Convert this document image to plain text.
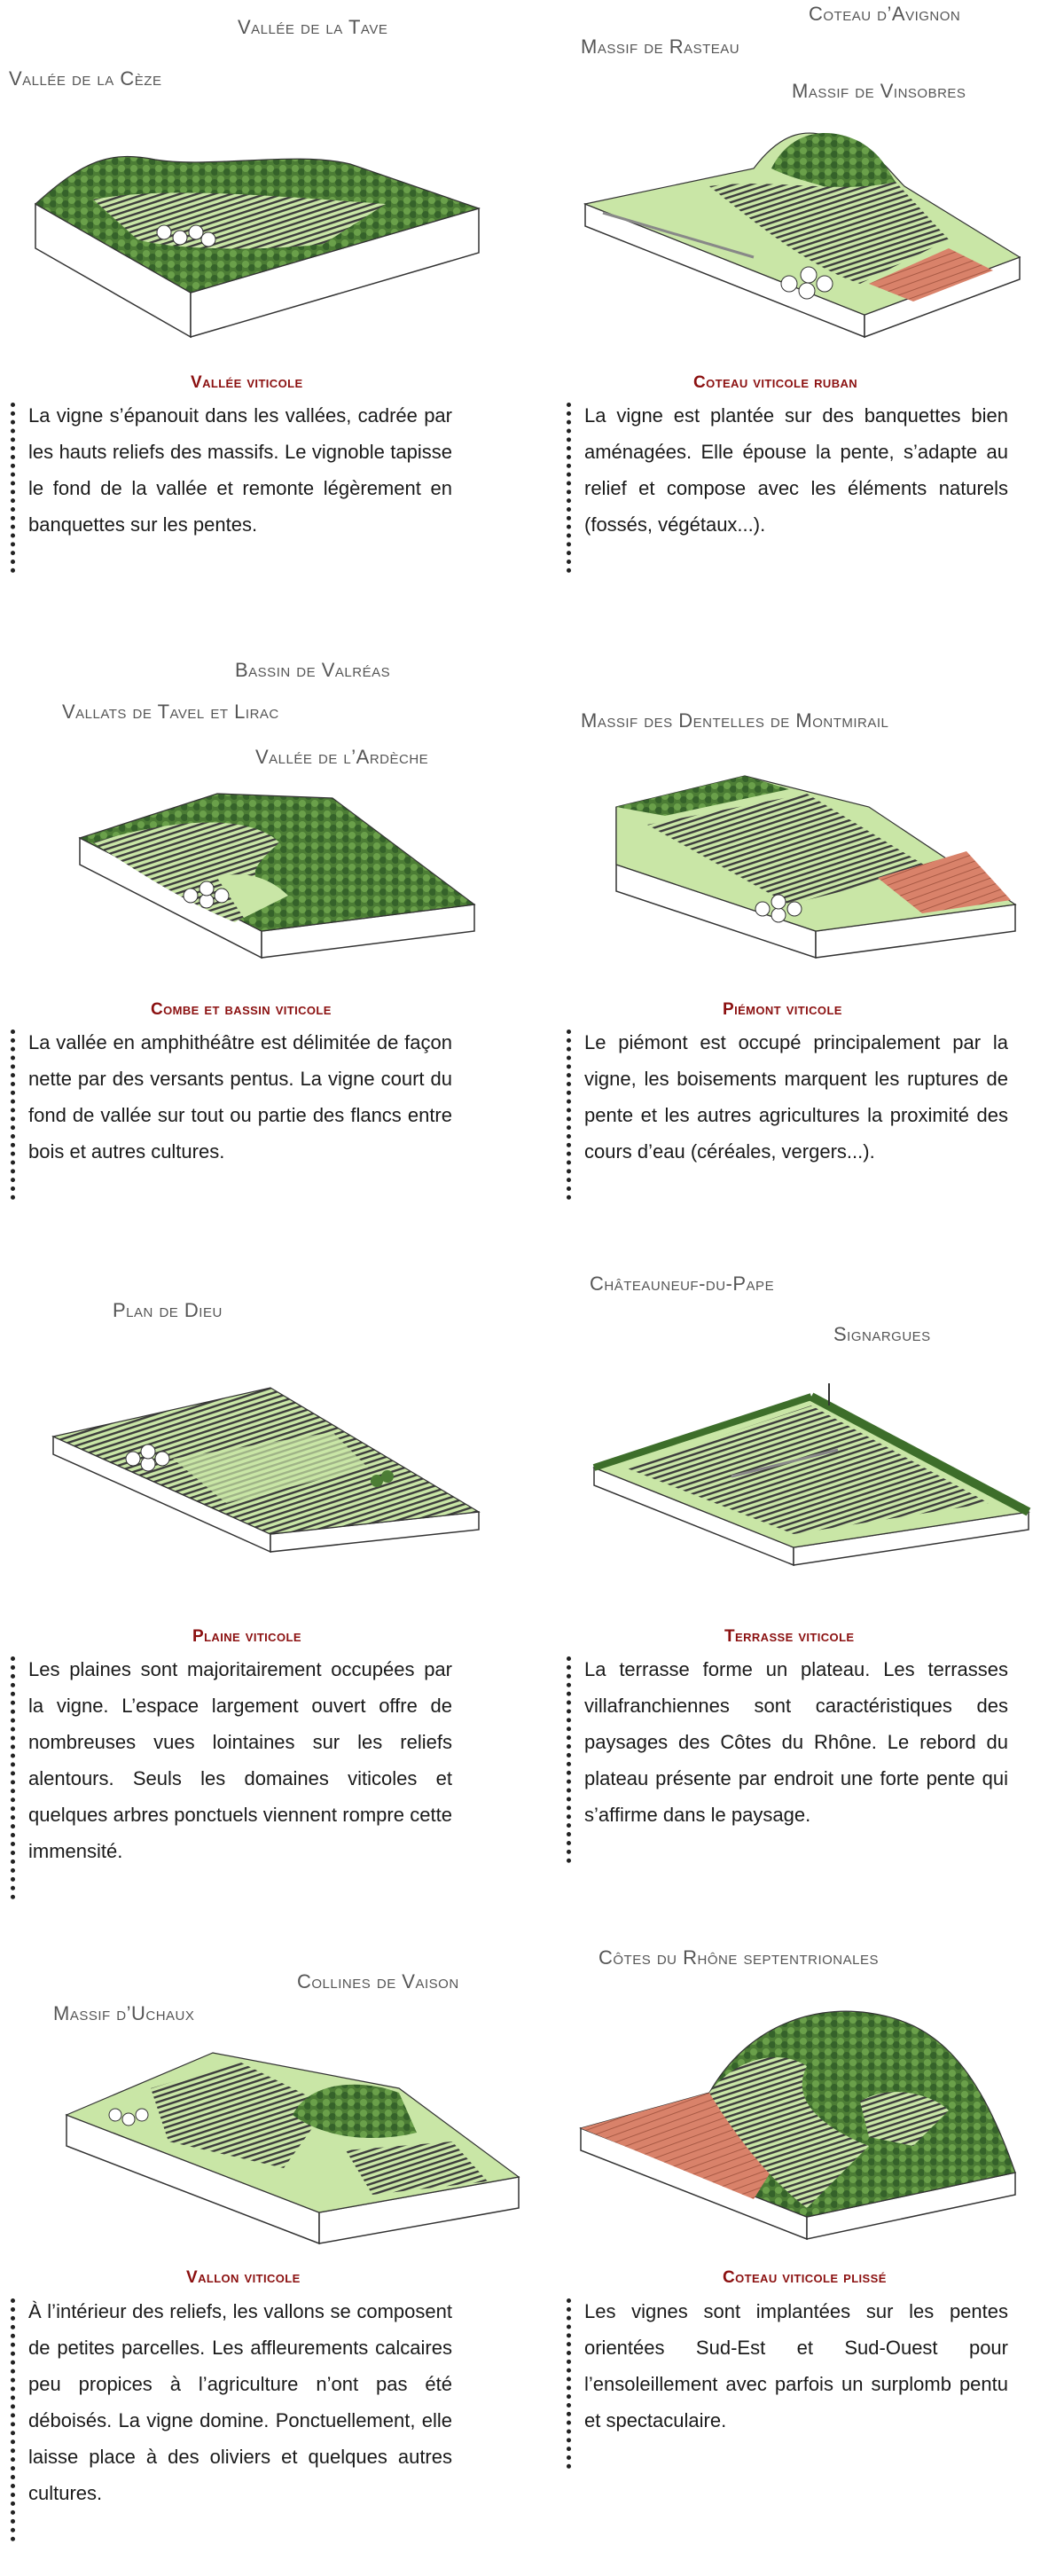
Vallée de la Tave
Vallée de la Cèze
Vallée viticole
La vigne s’épanouit dans les vallées, cadrée par les hauts reliefs des massifs. Le vignoble tapisse le fond de la vallée et remonte légèrement en banquettes sur les pentes.
Coteau d’Avignon
Massif de Rasteau
Massif de Vinsobres
Coteau viticole ruban
La vigne est plantée sur des banquettes bien aménagées. Elle épouse la pente, s’adapte au relief et compose avec les éléments naturels (fossés, végétaux...).
Bassin de Valréas
Vallats de Tavel et Lirac
Vallée de l’Ardèche
Combe et bassin viticole
La vallée en amphithéâtre est délimitée de façon nette par des versants pentus. La vigne court du fond de vallée sur tout ou partie des flancs entre bois et autres cultures.
Massif des Dentelles de Montmirail
Piémont viticole
Le piémont est occupé principalement par la vigne, les boisements marquent les ruptures de pente et les autres agricultures la proximité des cours d’eau (céréales, vergers...).
Plan de Dieu
Plaine viticole
Les plaines sont majoritairement occupées par la vigne. L’espace largement ouvert offre de nombreuses vues lointaines sur les reliefs alentours. Seuls les domaines viticoles et quelques arbres ponctuels viennent rompre cette immensité.
Châteauneuf-du-Pape
Signargues
Terrasse viticole
La terrasse forme un plateau. Les terrasses villafranchiennes sont caractéristiques des paysages des Côtes du Rhône. Le rebord du plateau présente par endroit une forte pente qui s’affirme dans le paysage.
Collines de Vaison
Massif d’Uchaux
Vallon viticole
À l’intérieur des reliefs, les vallons se composent de petites parcelles. Les affleurements calcaires peu propices à l’agriculture n’ont pas été déboisés. La vigne domine. Ponctuellement, elle laisse place à des oliviers et quelques autres cultures.
Côtes du Rhône septentrionales
Coteau viticole plissé
Les vignes sont implantées sur les pentes orientées Sud-Est et Sud-Ouest pour l’ensoleillement avec parfois un surplomb pentu et spectaculaire.
